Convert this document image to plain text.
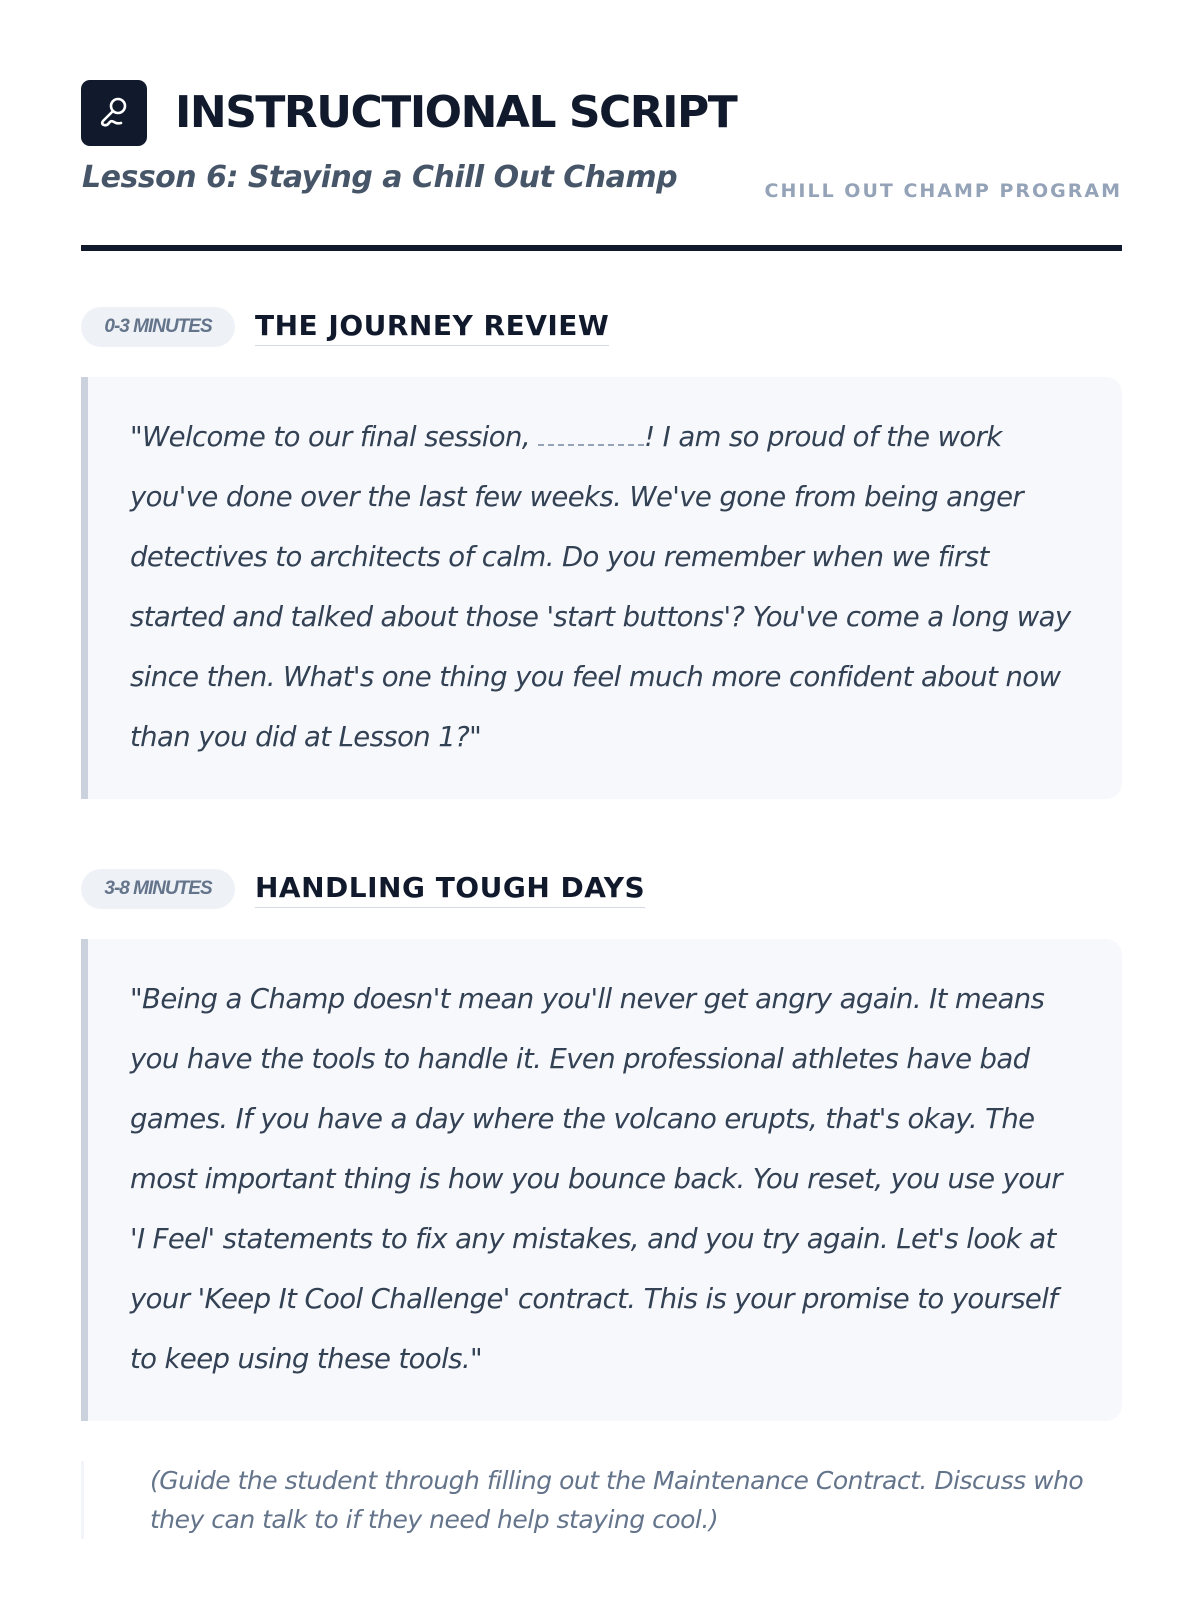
INSTRUCTIONAL SCRIPT
Lesson 6: Staying a Chill Out Champ	CHILL OUT CHAMP PROGRAM
0-3 MINUTES	THE JOURNEY REVIEW
"Welcome to our final session,	! I am so proud of the work you've done over the last few weeks. We've gone from being anger detectives to architects of calm. Do you remember when we first started and talked about those 'start buttons'? You've come a long way since then. What's one thing you feel much more confident about now than you did at Lesson 1?"
3-8 MINUTES	HANDLING TOUGH DAYS
"Being a Champ doesn't mean you'll never get angry again. It means you have the tools to handle it. Even professional athletes have bad games. If you have a day where the volcano erupts, that's okay. The most important thing is how you bounce back. You reset, you use your 'I Feel' statements to fix any mistakes, and you try again. Let's look at your 'Keep It Cool Challenge' contract. This is your promise to yourself to keep using these tools."
(Guide the student through filling out the Maintenance Contract. Discuss who they can talk to if they need help staying cool.)
